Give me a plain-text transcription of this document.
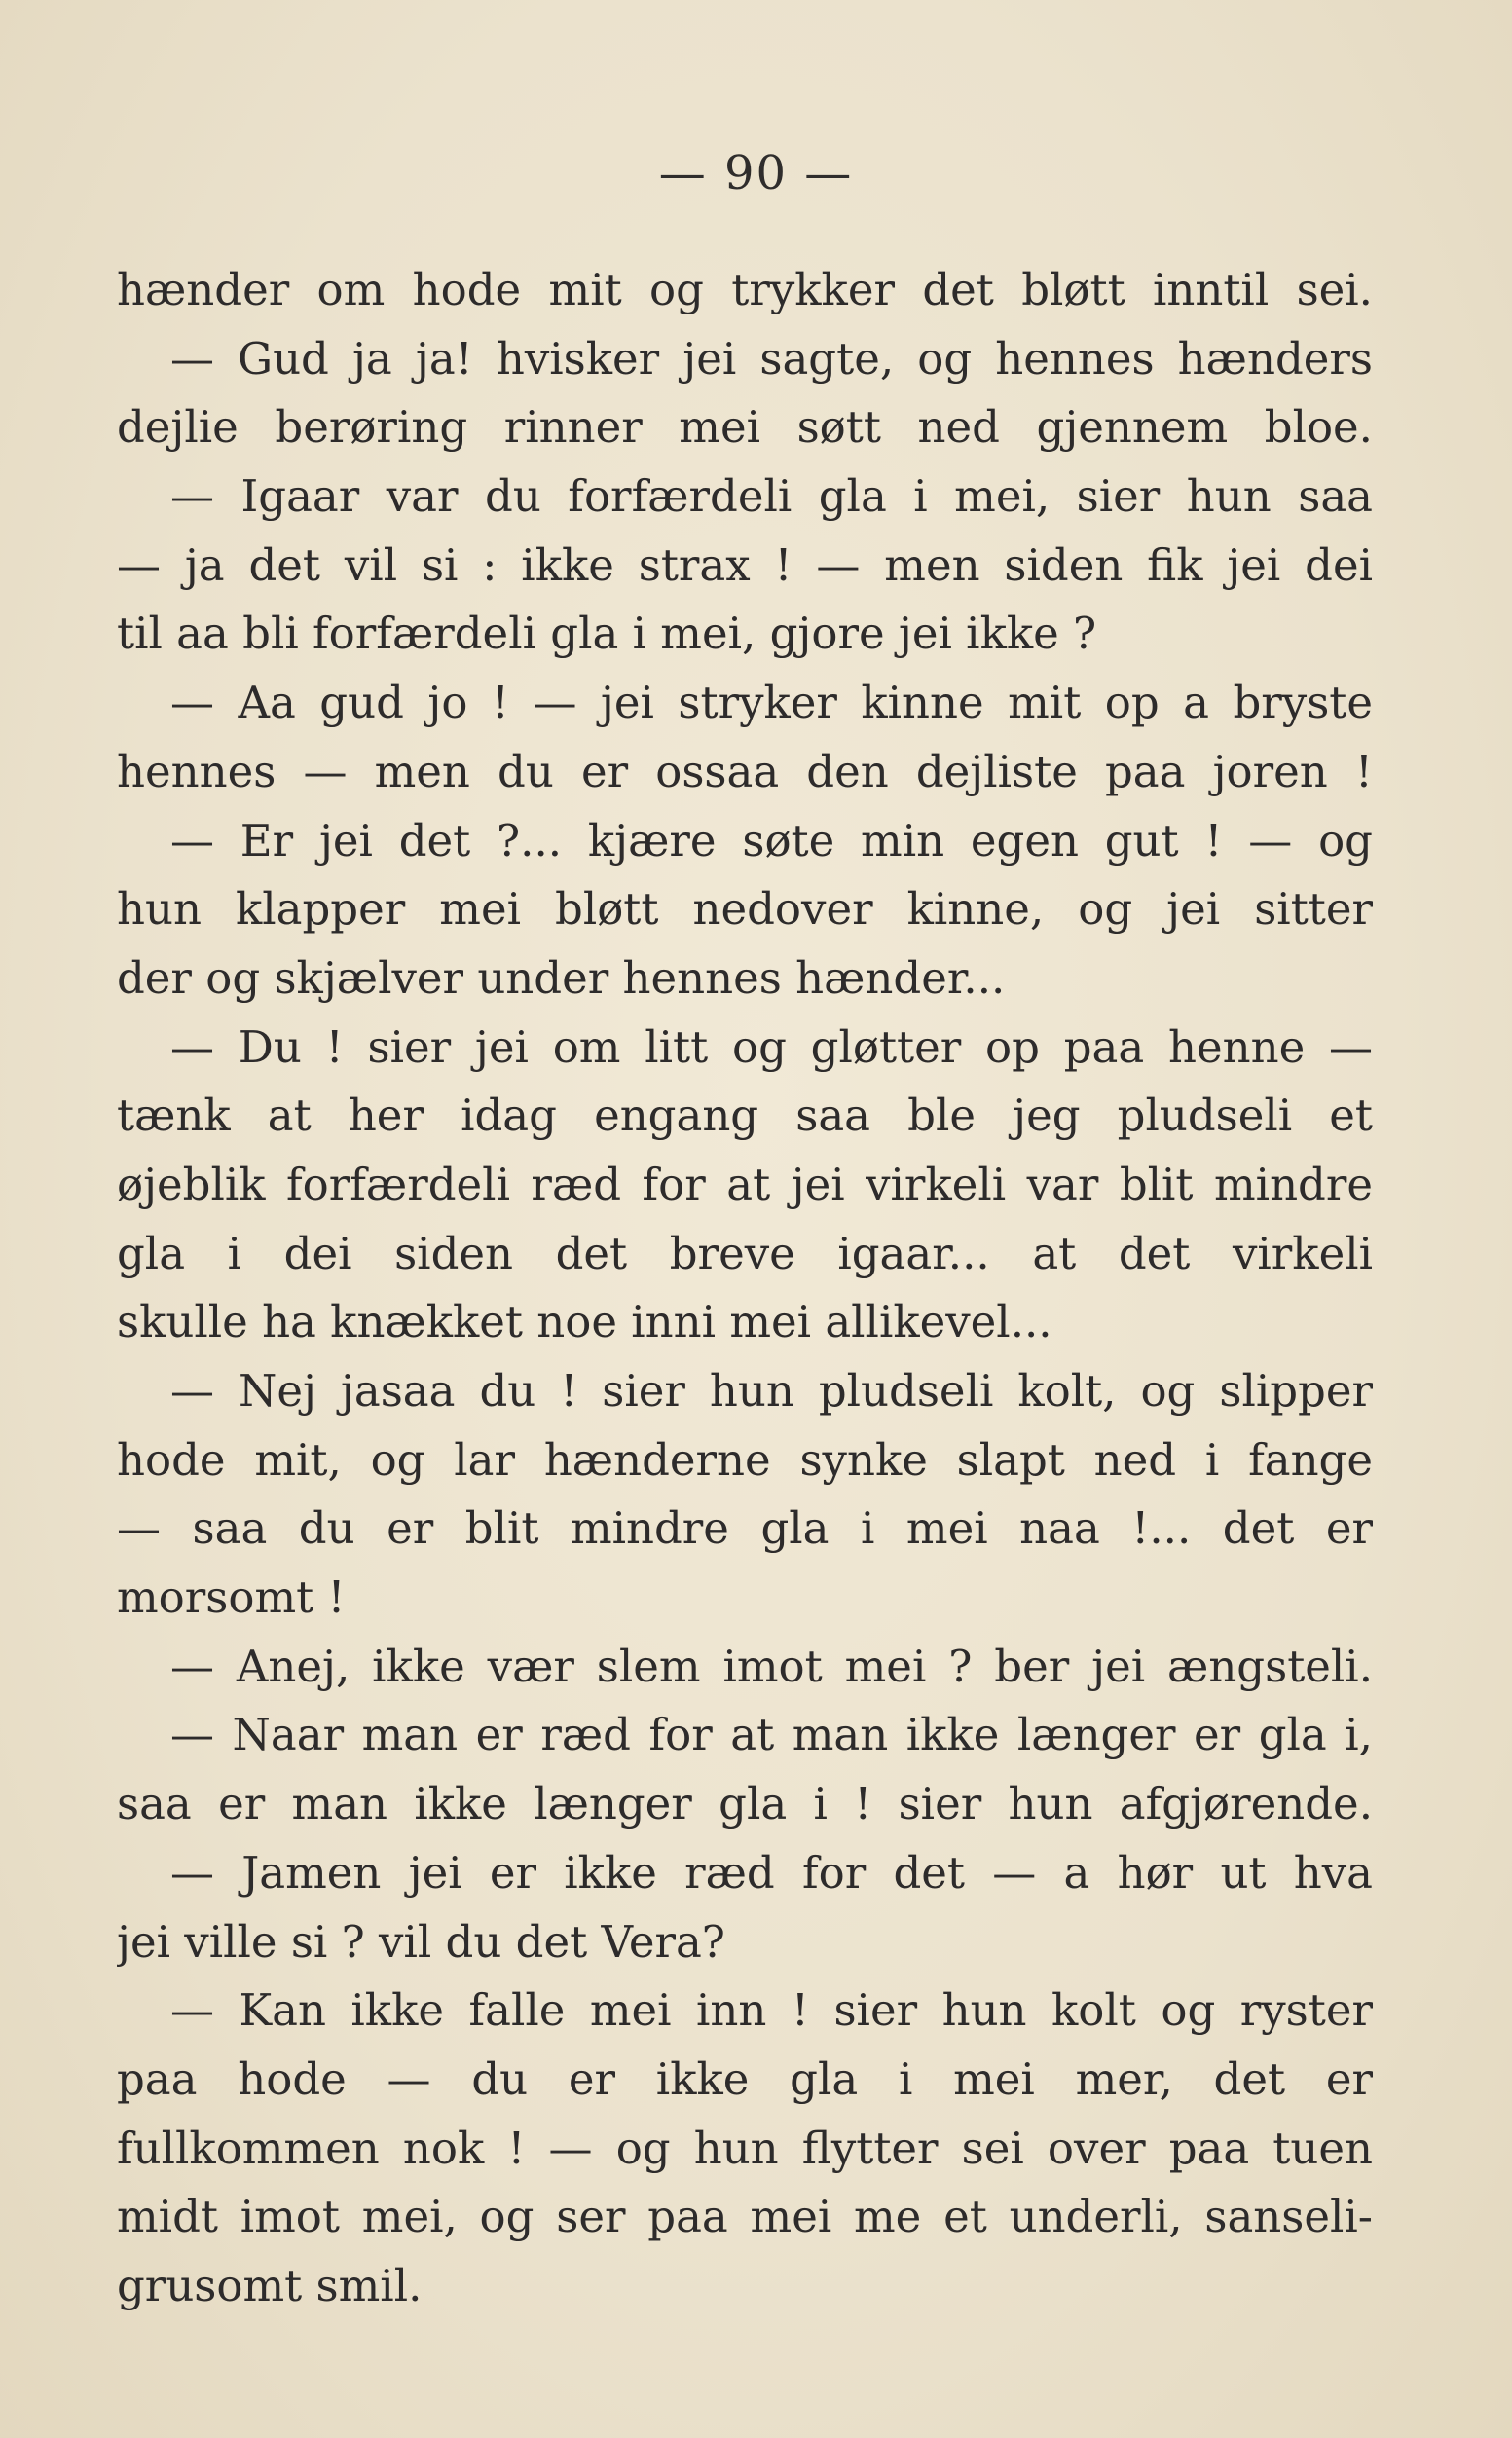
— 90 —
hænder om hode mit og trykker det bløtt inntil sei.
— Gud ja ja! hvisker jei sagte, og hennes hænders
dejlie berøring rinner mei søtt ned gjennem bloe.
— Igaar var du forfærdeli gla i mei, sier hun saa
— ja det vil si : ikke strax ! — men siden fik jei dei
til aa bli forfærdeli gla i mei, gjore jei ikke ?
— Aa gud jo ! — jei stryker kinne mit op a bryste
hennes — men du er ossaa den dejliste paa joren !
— Er jei det ?... kjære søte min egen gut ! — og
hun klapper mei bløtt nedover kinne, og jei sitter
der og skjælver under hennes hænder...
— Du ! sier jei om litt og gløtter op paa henne —
tænk at her idag engang saa ble jeg pludseli et
øjeblik forfærdeli ræd for at jei virkeli var blit mindre
gla i dei siden det breve igaar... at det virkeli
skulle ha knækket noe inni mei allikevel...
— Nej jasaa du ! sier hun pludseli kolt, og slipper
hode mit, og lar hænderne synke slapt ned i fange
— saa du er blit mindre gla i mei naa !... det er
morsomt !
— Anej, ikke vær slem imot mei ? ber jei ængsteli.
— Naar man er ræd for at man ikke længer er gla i,
saa er man ikke længer gla i ! sier hun afgjørende.
— Jamen jei er ikke ræd for det — a hør ut hva
jei ville si ? vil du det Vera?
— Kan ikke falle mei inn ! sier hun kolt og ryster
paa hode — du er ikke gla i mei mer, det er
fullkommen nok ! — og hun flytter sei over paa tuen
midt imot mei, og ser paa mei me et underli, sanseli-
grusomt smil.
